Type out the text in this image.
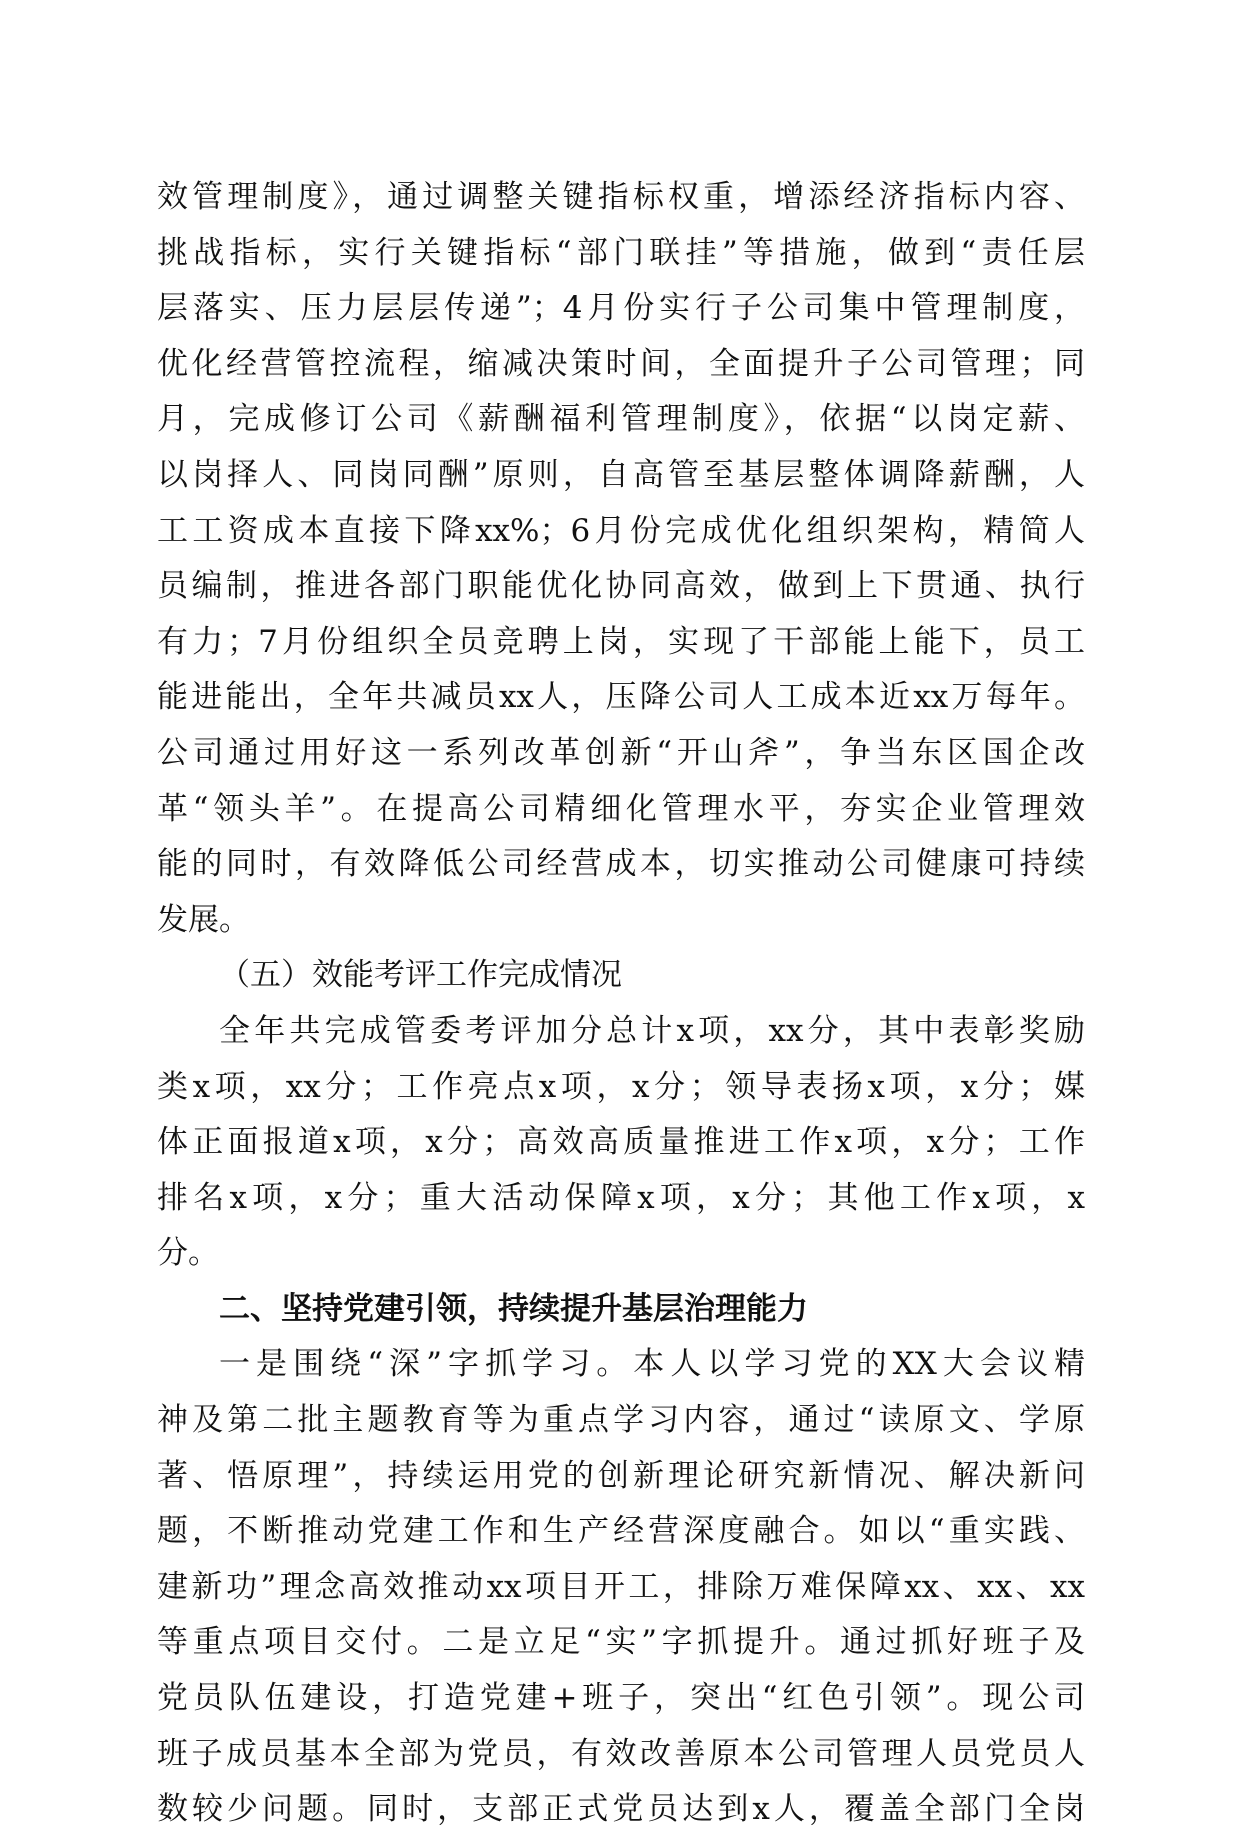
效管理制度》，通过调整关键指标权重，增添经济指标内容、
挑战指标，实行关键指标“部门联挂”等措施，做到“责任层
层落实、压力层层传递”；4月份实行子公司集中管理制度，
优化经营管控流程，缩减决策时间，全面提升子公司管理；同
月，完成修订公司《薪酬福利管理制度》，依据“以岗定薪、
以岗择人、同岗同酬”原则，自高管至基层整体调降薪酬，人
工工资成本直接下降xx%；6月份完成优化组织架构，精简人
员编制，推进各部门职能优化协同高效，做到上下贯通、执行
有力；7月份组织全员竞聘上岗，实现了干部能上能下，员工
能进能出，全年共减员xx人，压降公司人工成本近xx万每年。
公司通过用好这一系列改革创新“开山斧”，争当东区国企改
革“领头羊”。在提高公司精细化管理水平，夯实企业管理效
能的同时，有效降低公司经营成本，切实推动公司健康可持续
发展。
（五）效能考评工作完成情况
全年共完成管委考评加分总计x项，xx分，其中表彰奖励
类x项，xx分；工作亮点x项，x分；领导表扬x项，x分；媒
体正面报道x项，x分；高效高质量推进工作x项，x分；工作
排名x项，x分；重大活动保障x项，x分；其他工作x项，x
分。
二、坚持党建引领，持续提升基层治理能力
一是围绕“深”字抓学习。本人以学习党的XX大会议精
神及第二批主题教育等为重点学习内容，通过“读原文、学原
著、悟原理”，持续运用党的创新理论研究新情况、解决新问
题，不断推动党建工作和生产经营深度融合。如以“重实践、
建新功”理念高效推动xx项目开工，排除万难保障xx、xx、xx
等重点项目交付。二是立足“实”字抓提升。通过抓好班子及
党员队伍建设，打造党建+班子，突出“红色引领”。现公司
班子成员基本全部为党员，有效改善原本公司管理人员党员人
数较少问题。同时，支部正式党员达到x人，覆盖全部门全岗
